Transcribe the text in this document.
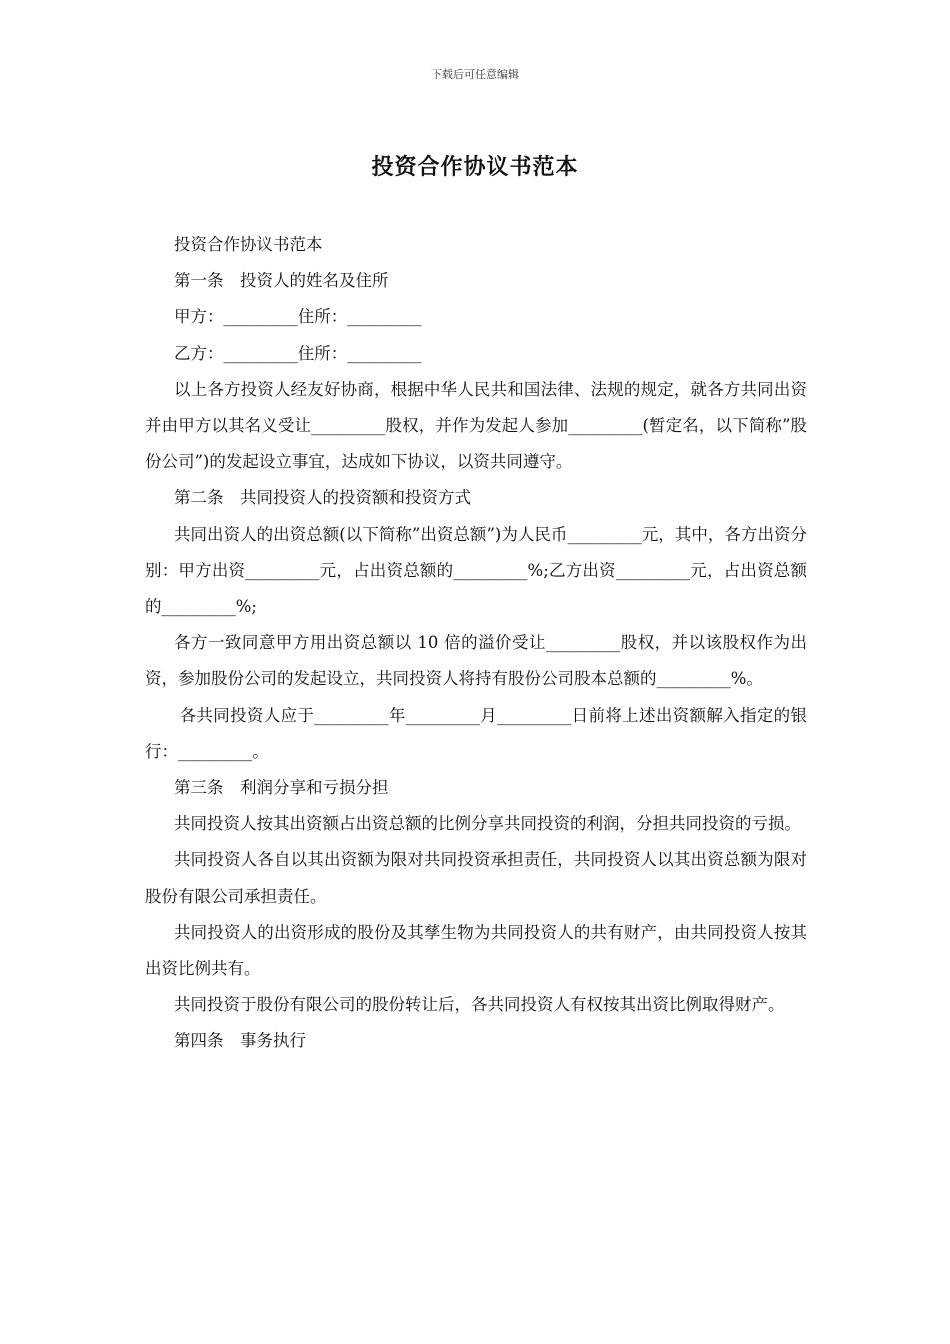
下载后可任意编辑
投资合作协议书范本

投资合作协议书范本

第一条　投资人的姓名及住所

甲方：_________住所：_________

乙方：_________住所：_________

以上各方投资人经友好协商，根据中华人民共和国法律、法规的规定，就各方共同出资并由甲方以其名义受让_________股权，并作为发起人参加_________(暂定名，以下简称”股份公司”)的发起设立事宜，达成如下协议，以资共同遵守。

第二条　共同投资人的投资额和投资方式

共同出资人的出资总额(以下简称”出资总额”)为人民币_________元，其中，各方出资分别：甲方出资_________元，占出资总额的_________%;乙方出资_________元，占出资总额的_________%;

各方一致同意甲方用出资总额以 10 倍的溢价受让_________股权，并以该股权作为出资，参加股份公司的发起设立，共同投资人将持有股份公司股本总额的_________%。

各共同投资人应于_________年_________月_________日前将上述出资额解入指定的银行：_________。

第三条　利润分享和亏损分担

共同投资人按其出资额占出资总额的比例分享共同投资的利润，分担共同投资的亏损。

共同投资人各自以其出资额为限对共同投资承担责任，共同投资人以其出资总额为限对股份有限公司承担责任。

共同投资人的出资形成的股份及其孳生物为共同投资人的共有财产，由共同投资人按其出资比例共有。

共同投资于股份有限公司的股份转让后，各共同投资人有权按其出资比例取得财产。

第四条　事务执行
